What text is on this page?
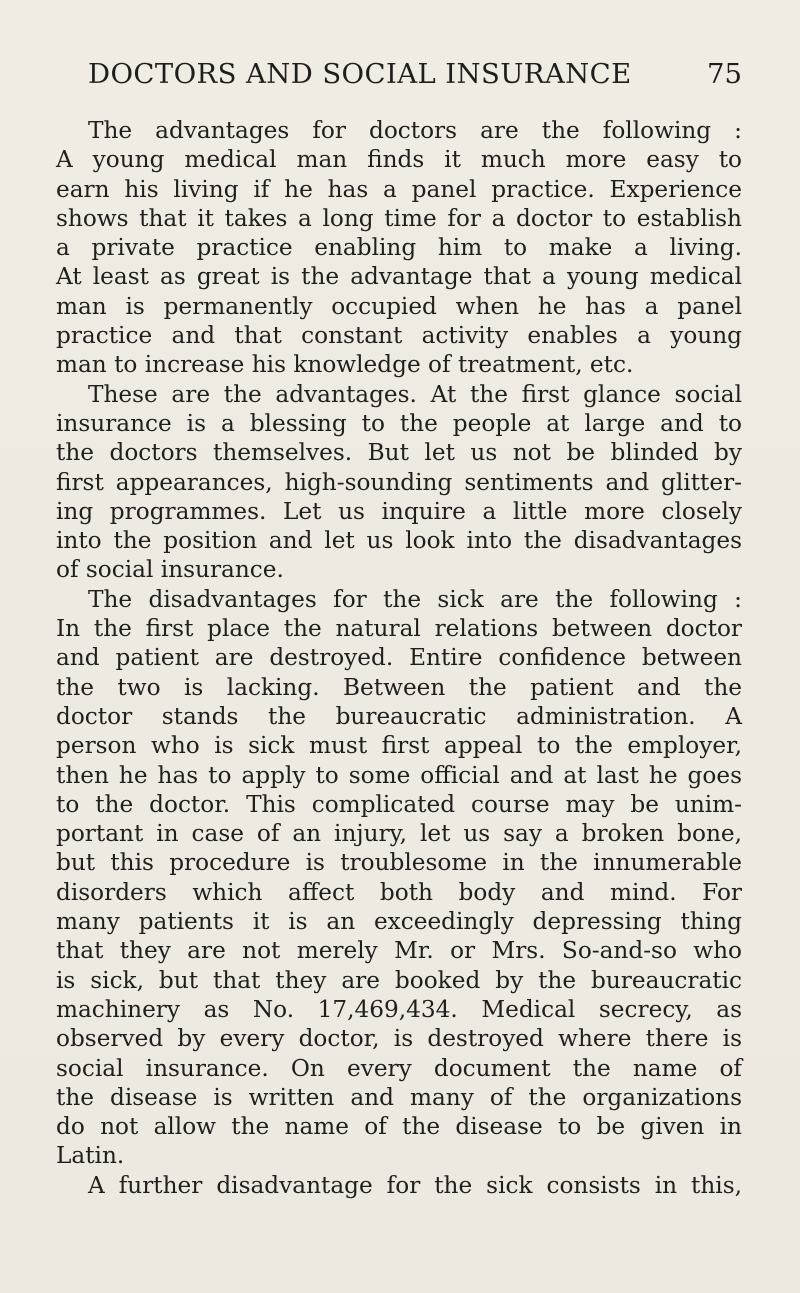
DOCTORS AND SOCIAL INSURANCE	75
The advantages for doctors are the following :
A young medical man finds it much more easy to
earn his living if he has a panel practice. Experience
shows that it takes a long time for a doctor to establish
a private practice enabling him to make a living.
At least as great is the advantage that a young medical
man is permanently occupied when he has a panel
practice and that constant activity enables a young
man to increase his knowledge of treatment, etc.
These are the advantages. At the first glance social
insurance is a blessing to the people at large and to
the doctors themselves. But let us not be blinded by
first appearances, high-sounding sentiments and glitter-
ing programmes. Let us inquire a little more closely
into the position and let us look into the disadvantages
of social insurance.
The disadvantages for the sick are the following :
In the first place the natural relations between doctor
and patient are destroyed. Entire confidence between
the two is lacking. Between the patient and the
doctor stands the bureaucratic administration. A
person who is sick must first appeal to the employer,
then he has to apply to some official and at last he goes
to the doctor. This complicated course may be unim-
portant in case of an injury, let us say a broken bone,
but this procedure is troublesome in the innumerable
disorders which affect both body and mind. For
many patients it is an exceedingly depressing thing
that they are not merely Mr. or Mrs. So-and-so who
is sick, but that they are booked by the bureaucratic
machinery as No. 17,469,434. Medical secrecy, as
observed by every doctor, is destroyed where there is
social insurance. On every document the name of
the disease is written and many of the organizations
do not allow the name of the disease to be given in
Latin.
A further disadvantage for the sick consists in this,
